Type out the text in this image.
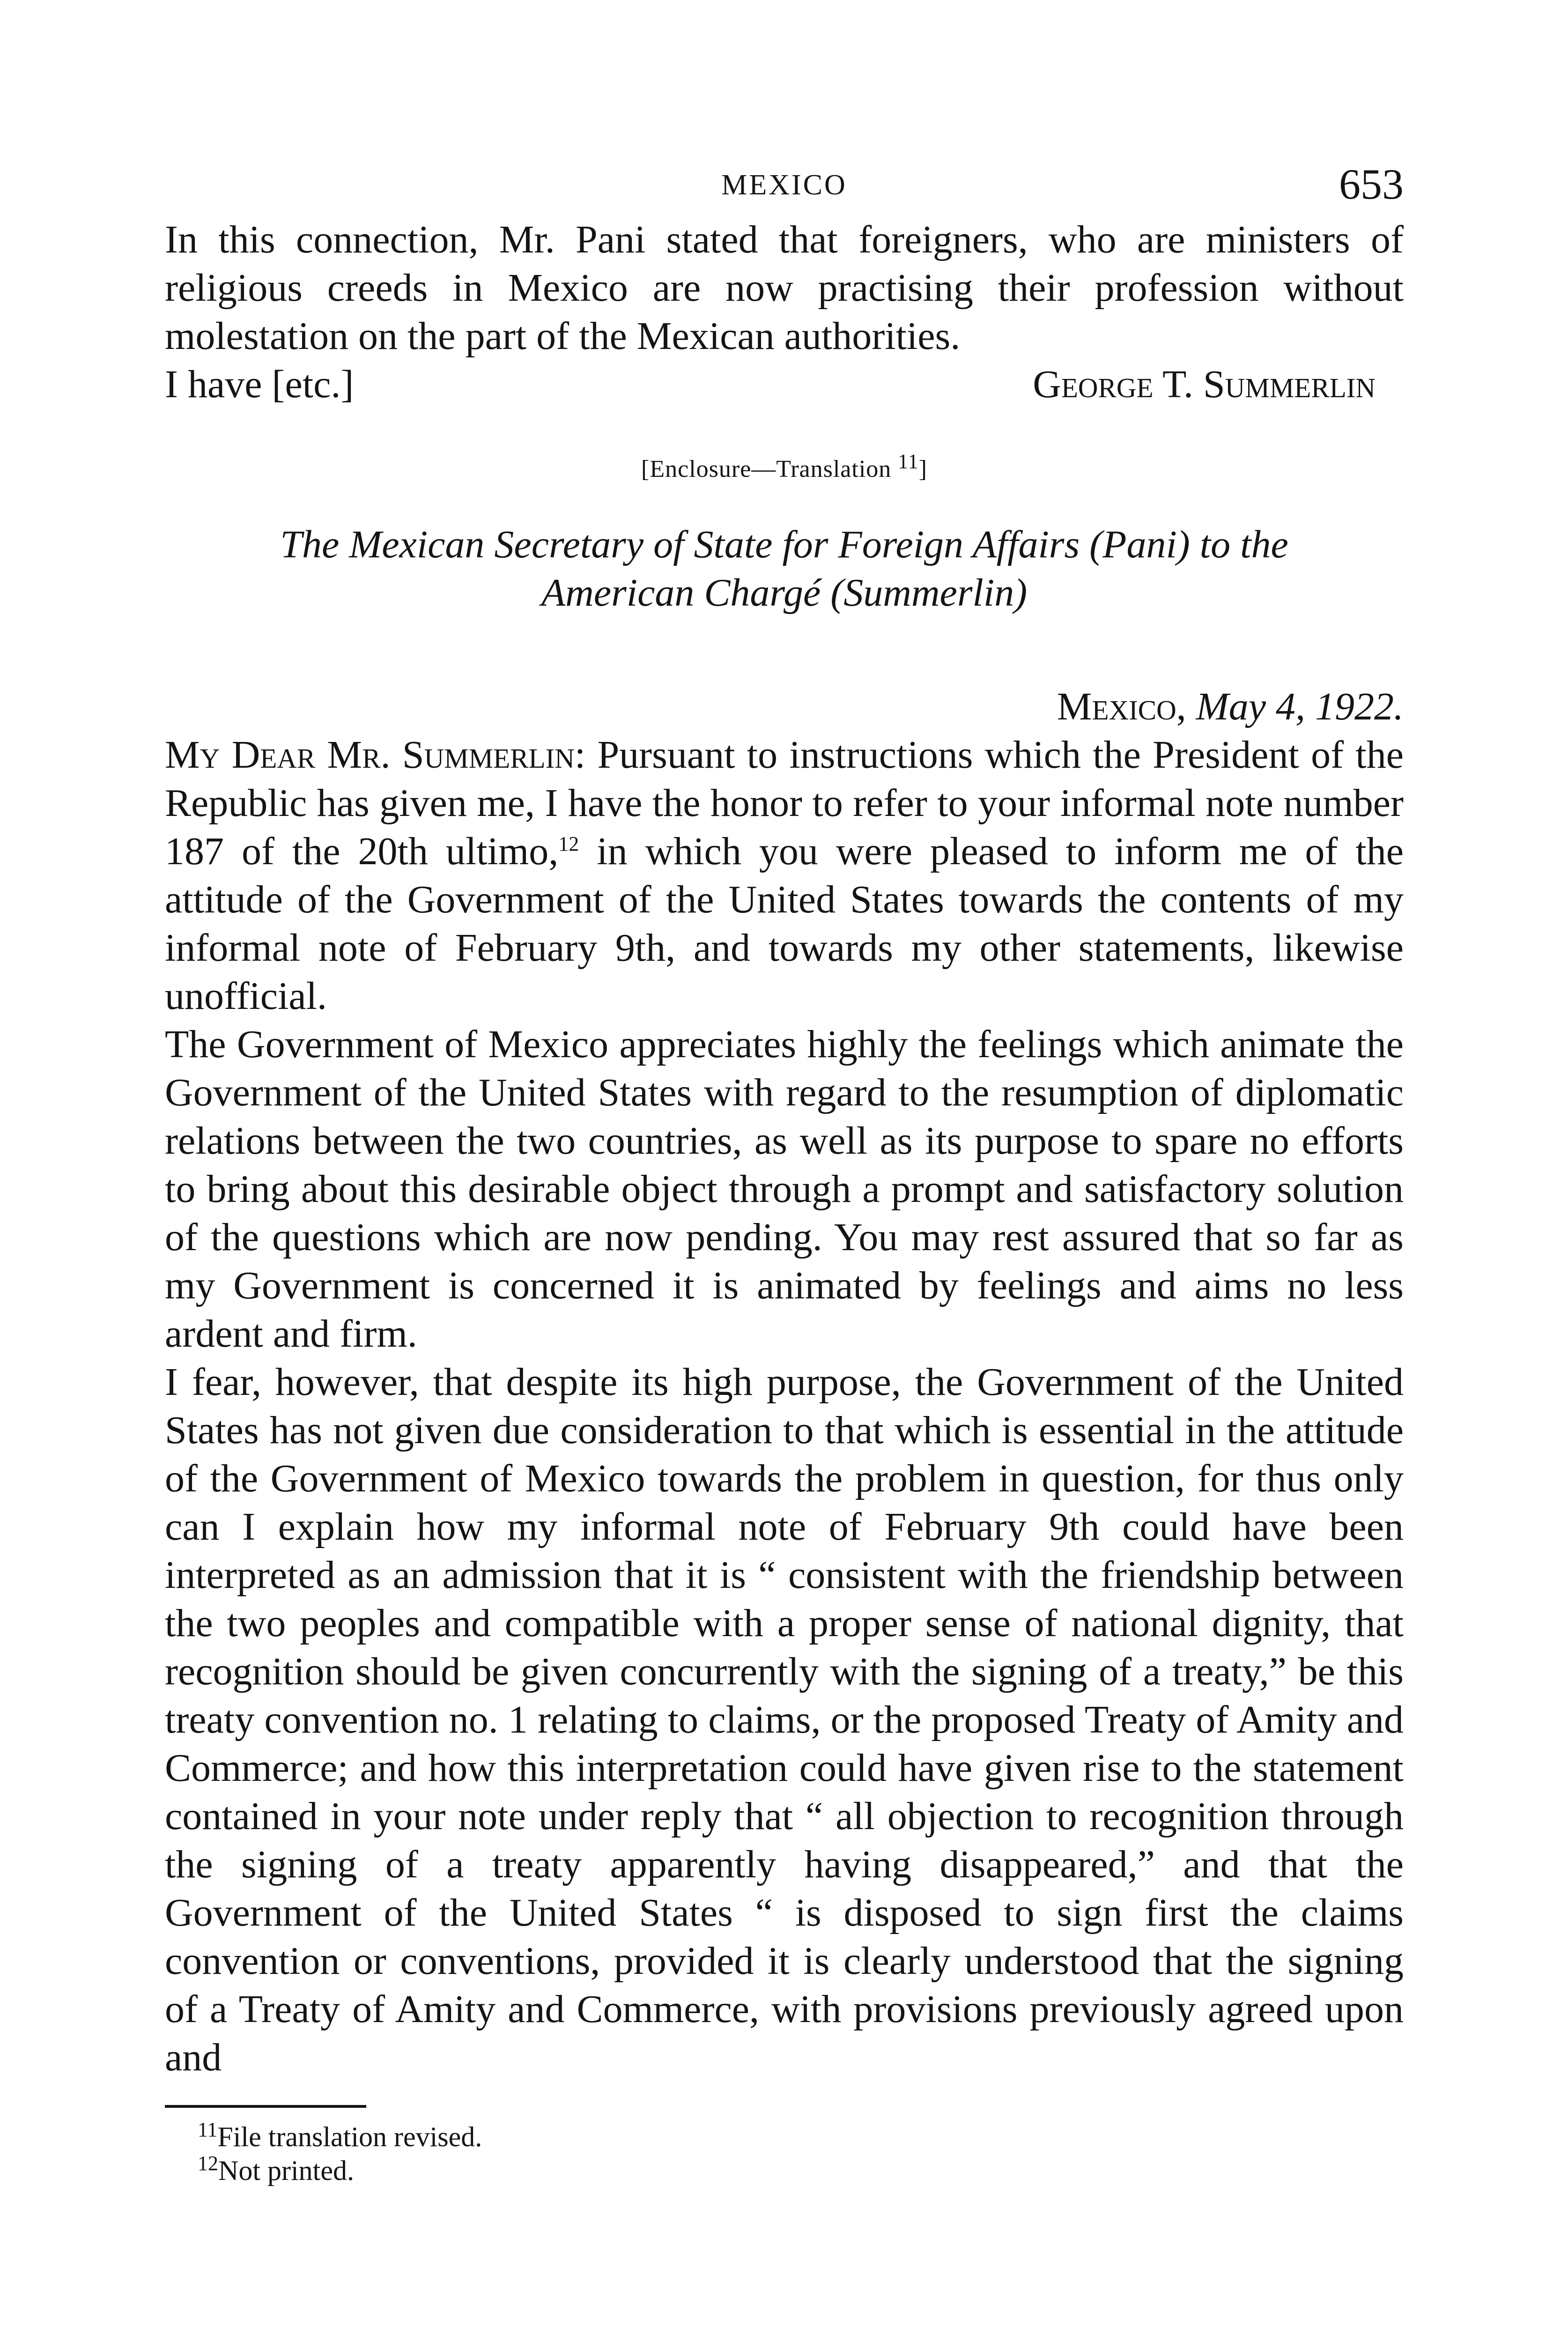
MEXICO	653

In this connection, Mr. Pani stated that foreigners, who are ministers of religious creeds in Mexico are now practising their profession without molestation on the part of the Mexican authorities.

I have [etc.]	George T. Summerlin
[Enclosure—Translation $^{11}$]
The Mexican Secretary of State for Foreign Affairs (Pani) to the
American Chargé (Summerlin)
Mexico, May 4, 1922.

My Dear Mr. Summerlin: Pursuant to instructions which the President of the Republic has given me, I have the honor to refer to your informal note number 187 of the 20th ultimo,$^{12}$ in which you were pleased to inform me of the attitude of the Government of the United States towards the contents of my informal note of February 9th, and towards my other statements, likewise unofficial.

The Government of Mexico appreciates highly the feelings which animate the Government of the United States with regard to the resumption of diplomatic relations between the two countries, as well as its purpose to spare no efforts to bring about this desirable object through a prompt and satisfactory solution of the questions which are now pending. You may rest assured that so far as my Government is concerned it is animated by feelings and aims no less ardent and firm.

I fear, however, that despite its high purpose, the Government of the United States has not given due consideration to that which is essential in the attitude of the Government of Mexico towards the problem in question, for thus only can I explain how my informal note of February 9th could have been interpreted as an admission that it is “ consistent with the friendship between the two peoples and compatible with a proper sense of national dignity, that recognition should be given concurrently with the signing of a treaty,” be this treaty convention no. 1 relating to claims, or the proposed Treaty of Amity and Commerce; and how this interpretation could have given rise to the statement contained in your note under reply that “ all objection to recognition through the signing of a treaty apparently having disappeared,” and that the Government of the United States “ is disposed to sign first the claims convention or conventions, provided it is clearly understood that the signing of a Treaty of Amity and Commerce, with provisions previously agreed upon and

$^{11}$File translation revised.

$^{12}$Not printed.
